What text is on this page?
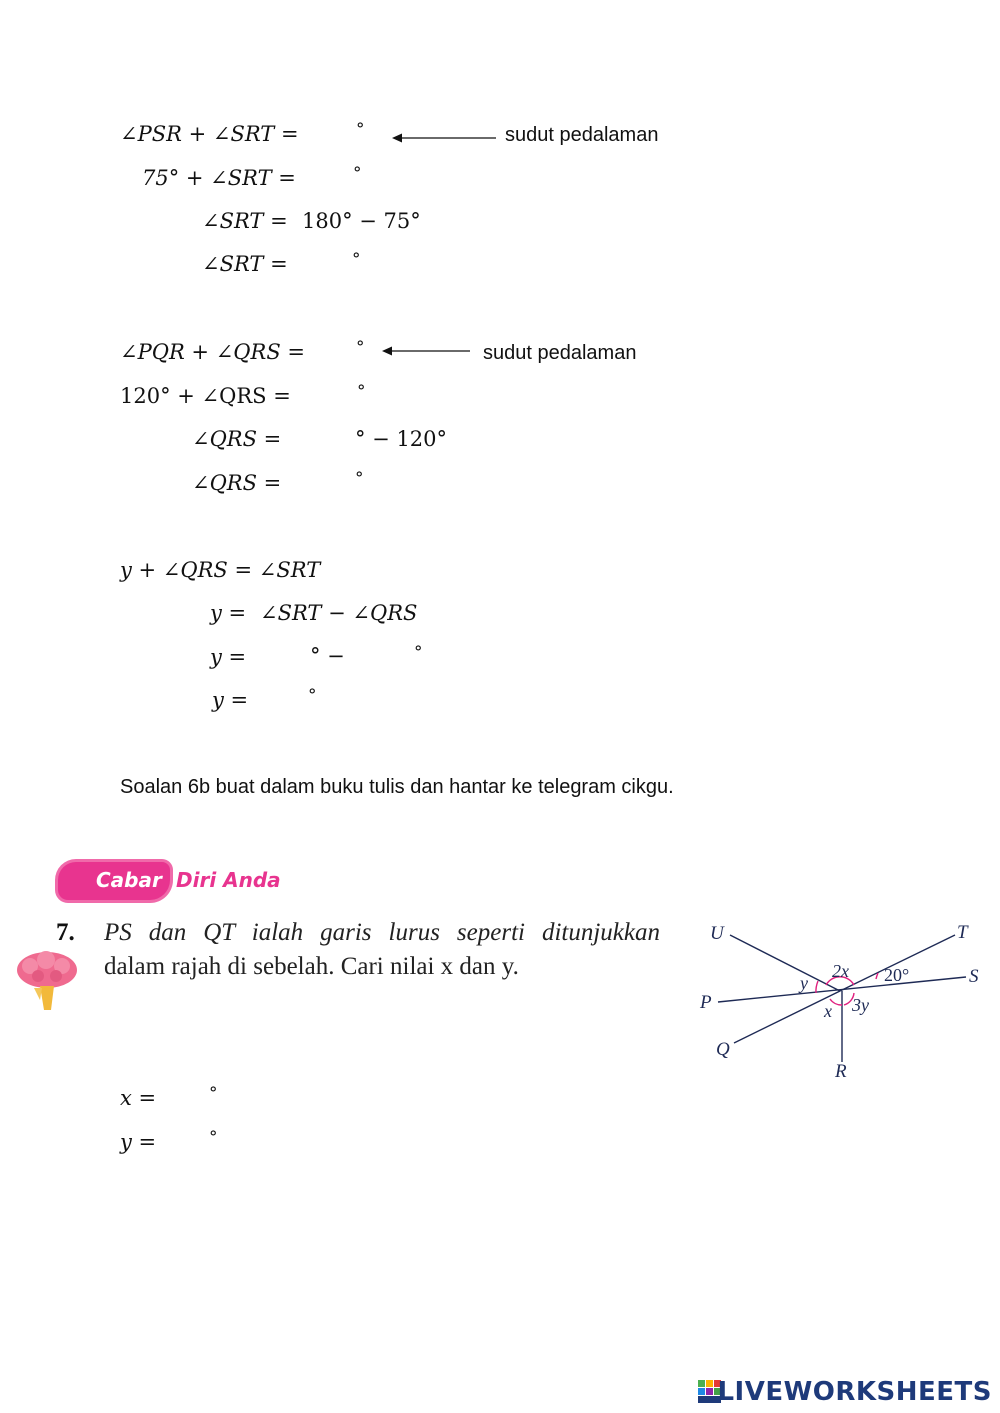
∠PSR + ∠SRT =	°	sudut pedalaman
75° + ∠SRT =	°
∠SRT = 180° − 75°
∠SRT =	°
∠PQR + ∠QRS =	°	sudut pedalaman
120° + ∠QRS =	°
∠QRS =	° − 120°
∠QRS =	°
y + ∠QRS = ∠SRT
y = ∠SRT − ∠QRS
y =	° −	°
y =	°
Soalan 6b buat dalam buku tulis dan hantar ke telegram cikgu.
Cabar Diri Anda
7. PS dan QT ialah garis lurus seperti ditunjukkan
dalam rajah di sebelah. Cari nilai x dan y.
U	T
S
P
Q
R
2x 20°
y
x 3y
x =	°
y =	°
LIVEWORKSHEETS
